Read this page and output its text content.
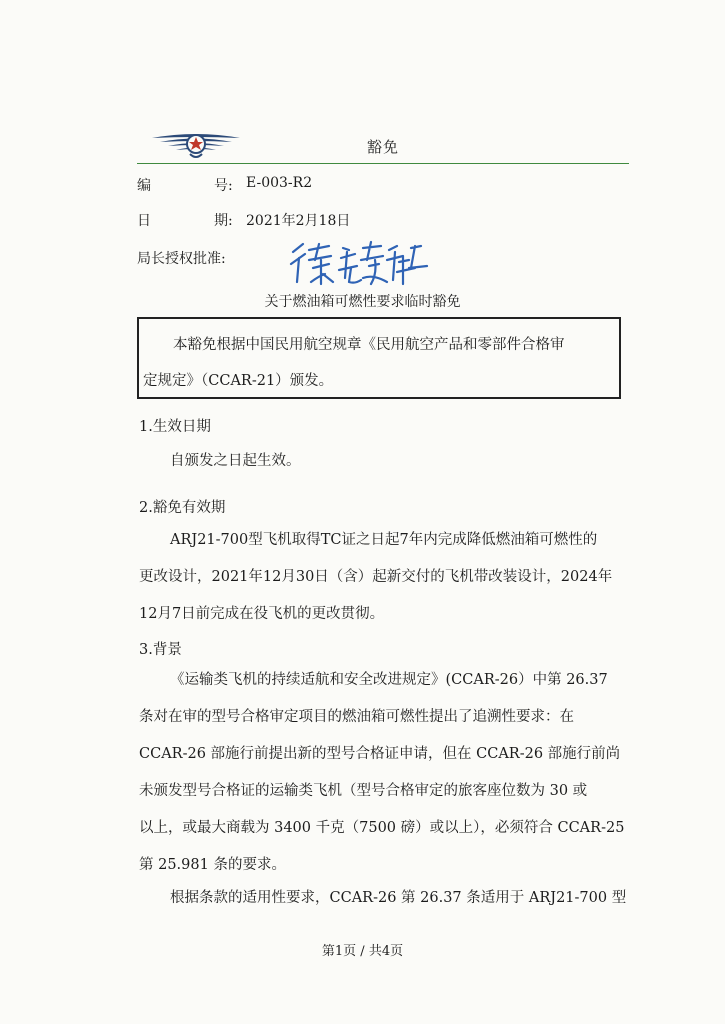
豁免
编	号: E-003-R2
日	期: 2021年2月18日
局长授权批准:
关于燃油箱可燃性要求临时豁免
本豁免根据中国民用航空规章《民用航空产品和零部件合格审
定规定》（CCAR-21）颁发。
1.生效日期
自颁发之日起生效。
2.豁免有效期
ARJ21-700型飞机取得TC证之日起7年内完成降低燃油箱可燃性的
更改设计，2021年12月30日（含）起新交付的飞机带改装设计，2024年
12月7日前完成在役飞机的更改贯彻。
3.背景
《运输类飞机的持续适航和安全改进规定》(CCAR-26）中第 26.37
条对在审的型号合格审定项目的燃油箱可燃性提出了追溯性要求：在
CCAR-26 部施行前提出新的型号合格证申请，但在 CCAR-26 部施行前尚
未颁发型号合格证的运输类飞机（型号合格审定的旅客座位数为 30 或
以上，或最大商载为 3400 千克（7500 磅）或以上），必须符合 CCAR-25
第 25.981 条的要求。
根据条款的适用性要求，CCAR-26 第 26.37 条适用于 ARJ21-700 型
第1页 / 共4页
